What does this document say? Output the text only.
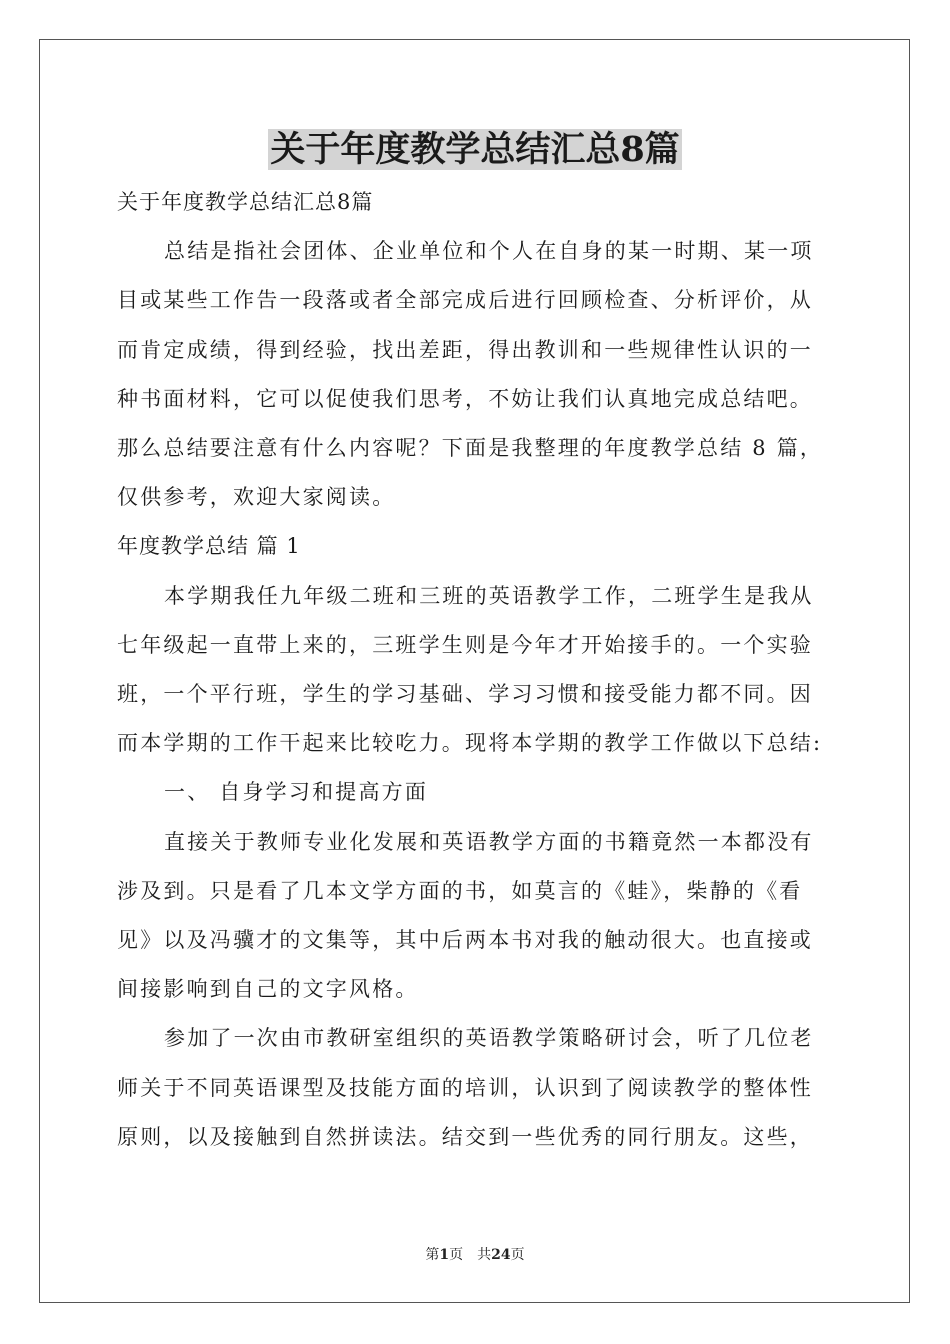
关于年度教学总结汇总8篇

关于年度教学总结汇总8篇

总结是指社会团体、企业单位和个人在自身的某一时期、某一项

目或某些工作告一段落或者全部完成后进行回顾检查、分析评价，从

而肯定成绩，得到经验，找出差距，得出教训和一些规律性认识的一

种书面材料，它可以促使我们思考，不妨让我们认真地完成总结吧。

那么总结要注意有什么内容呢？下面是我整理的年度教学总结 8 篇，

仅供参考，欢迎大家阅读。

年度教学总结 篇 1

本学期我任九年级二班和三班的英语教学工作，二班学生是我从

七年级起一直带上来的，三班学生则是今年才开始接手的。一个实验

班，一个平行班，学生的学习基础、学习习惯和接受能力都不同。因

而本学期的工作干起来比较吃力。现将本学期的教学工作做以下总结:

一、 自身学习和提高方面

直接关于教师专业化发展和英语教学方面的书籍竟然一本都没有

涉及到。只是看了几本文学方面的书，如莫言的《蛙》，柴静的《看

见》以及冯骥才的文集等，其中后两本书对我的触动很大。也直接或

间接影响到自己的文字风格。

参加了一次由市教研室组织的英语教学策略研讨会，听了几位老

师关于不同英语课型及技能方面的培训，认识到了阅读教学的整体性

原则，以及接触到自然拼读法。结交到一些优秀的同行朋友。这些，

第1页 共24页
